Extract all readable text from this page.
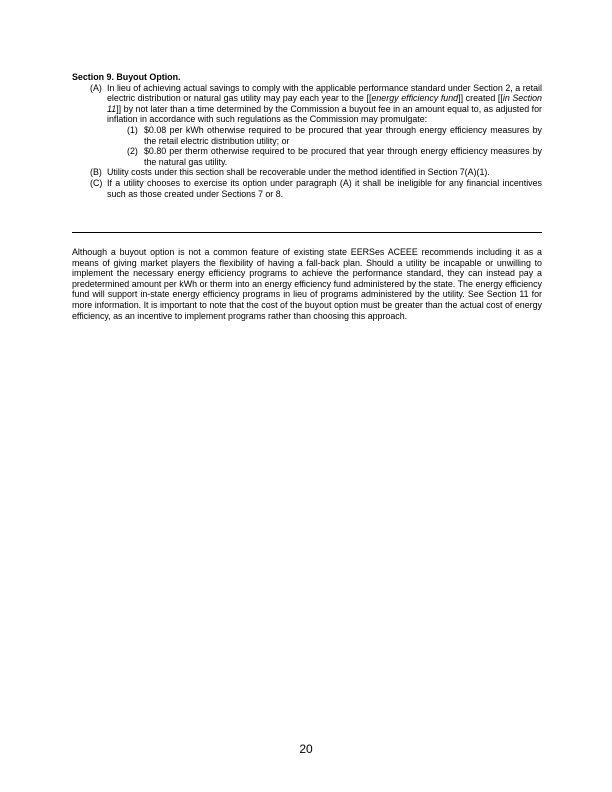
Section 9. Buyout Option.
(A) In lieu of achieving actual savings to comply with the applicable performance standard under Section 2, a retail electric distribution or natural gas utility may pay each year to the [[energy efficiency fund]] created [[in Section 11]] by not later than a time determined by the Commission a buyout fee in an amount equal to, as adjusted for inflation in accordance with such regulations as the Commission may promulgate:
(1) $0.08 per kWh otherwise required to be procured that year through energy efficiency measures by the retail electric distribution utility; or
(2) $0.80 per therm otherwise required to be procured that year through energy efficiency measures by the natural gas utility.
(B) Utility costs under this section shall be recoverable under the method identified in Section 7(A)(1).
(C) If a utility chooses to exercise its option under paragraph (A) it shall be ineligible for any financial incentives such as those created under Sections 7 or 8.
Although a buyout option is not a common feature of existing state EERSes ACEEE recommends including it as a means of giving market players the flexibility of having a fall-back plan. Should a utility be incapable or unwilling to implement the necessary energy efficiency programs to achieve the performance standard, they can instead pay a predetermined amount per kWh or therm into an energy efficiency fund administered by the state. The energy efficiency fund will support in-state energy efficiency programs in lieu of programs administered by the utility. See Section 11 for more information. It is important to note that the cost of the buyout option must be greater than the actual cost of energy efficiency, as an incentive to implement programs rather than choosing this approach.
20
